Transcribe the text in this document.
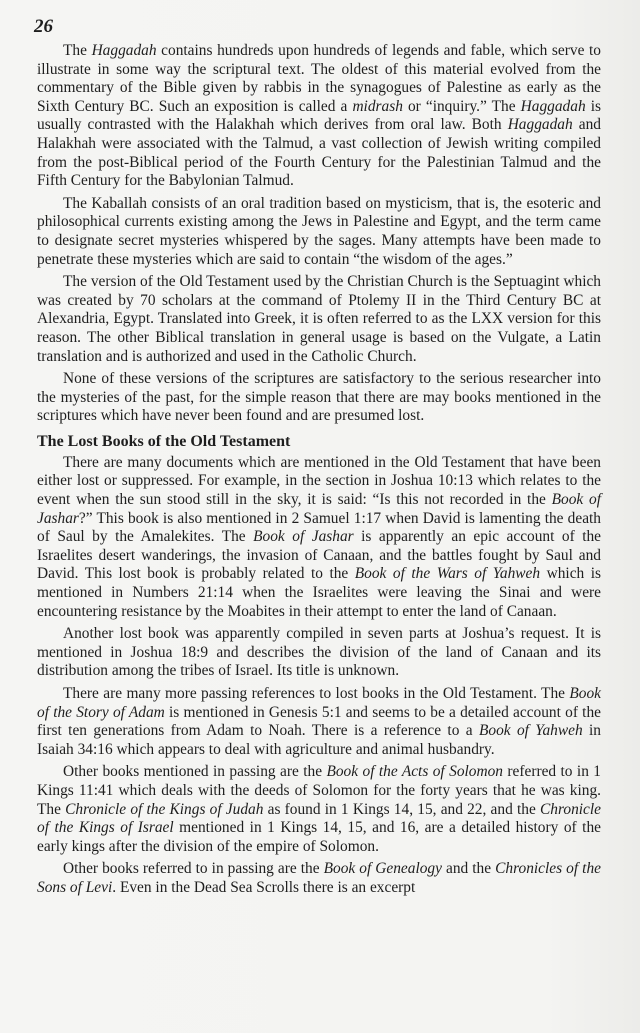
26

The Haggadah contains hundreds upon hundreds of legends and fable, which serve to illustrate in some way the scriptural text. The oldest of this material evolved from the commentary of the Bible given by rabbis in the synagogues of Palestine as early as the Sixth Century BC. Such an exposition is called a midrash or “inquiry.” The Haggadah is usually contrasted with the Halakhah which derives from oral law. Both Haggadah and Halakhah were associated with the Talmud, a vast collection of Jewish writing compiled from the post-Biblical period of the Fourth Century for the Palestinian Talmud and the Fifth Century for the Babylonian Talmud.

The Kaballah consists of an oral tradition based on mysticism, that is, the esoteric and philosophical currents existing among the Jews in Palestine and Egypt, and the term came to designate secret mysteries whispered by the sages. Many attempts have been made to penetrate these mysteries which are said to contain “the wisdom of the ages.”

The version of the Old Testament used by the Christian Church is the Septuagint which was created by 70 scholars at the command of Ptolemy II in the Third Century BC at Alexandria, Egypt. Translated into Greek, it is often referred to as the LXX version for this reason. The other Biblical translation in general usage is based on the Vulgate, a Latin translation and is authorized and used in the Catholic Church.

None of these versions of the scriptures are satisfactory to the serious researcher into the mysteries of the past, for the simple reason that there are may books mentioned in the scriptures which have never been found and are presumed lost.

The Lost Books of the Old Testament

There are many documents which are mentioned in the Old Testament that have been either lost or suppressed. For example, in the section in Joshua 10:13 which relates to the event when the sun stood still in the sky, it is said: “Is this not recorded in the Book of Jashar?” This book is also mentioned in 2 Samuel 1:17 when David is lamenting the death of Saul by the Amalekites. The Book of Jashar is apparently an epic account of the Israelites desert wanderings, the invasion of Canaan, and the battles fought by Saul and David. This lost book is probably related to the Book of the Wars of Yahweh which is mentioned in Numbers 21:14 when the Israelites were leaving the Sinai and were encountering resistance by the Moabites in their attempt to enter the land of Canaan.

Another lost book was apparently compiled in seven parts at Joshua’s request. It is mentioned in Joshua 18:9 and describes the division of the land of Canaan and its distribution among the tribes of Israel. Its title is unknown.

There are many more passing references to lost books in the Old Testament. The Book of the Story of Adam is mentioned in Genesis 5:1 and seems to be a detailed account of the first ten generations from Adam to Noah. There is a reference to a Book of Yahweh in Isaiah 34:16 which appears to deal with agriculture and animal husbandry.

Other books mentioned in passing are the Book of the Acts of Solomon referred to in 1 Kings 11:41 which deals with the deeds of Solomon for the forty years that he was king. The Chronicle of the Kings of Judah as found in 1 Kings 14, 15, and 22, and the Chronicle of the Kings of Israel mentioned in 1 Kings 14, 15, and 16, are a detailed history of the early kings after the division of the empire of Solomon.

Other books referred to in passing are the Book of Genealogy and the Chronicles of the Sons of Levi. Even in the Dead Sea Scrolls there is an excerpt
